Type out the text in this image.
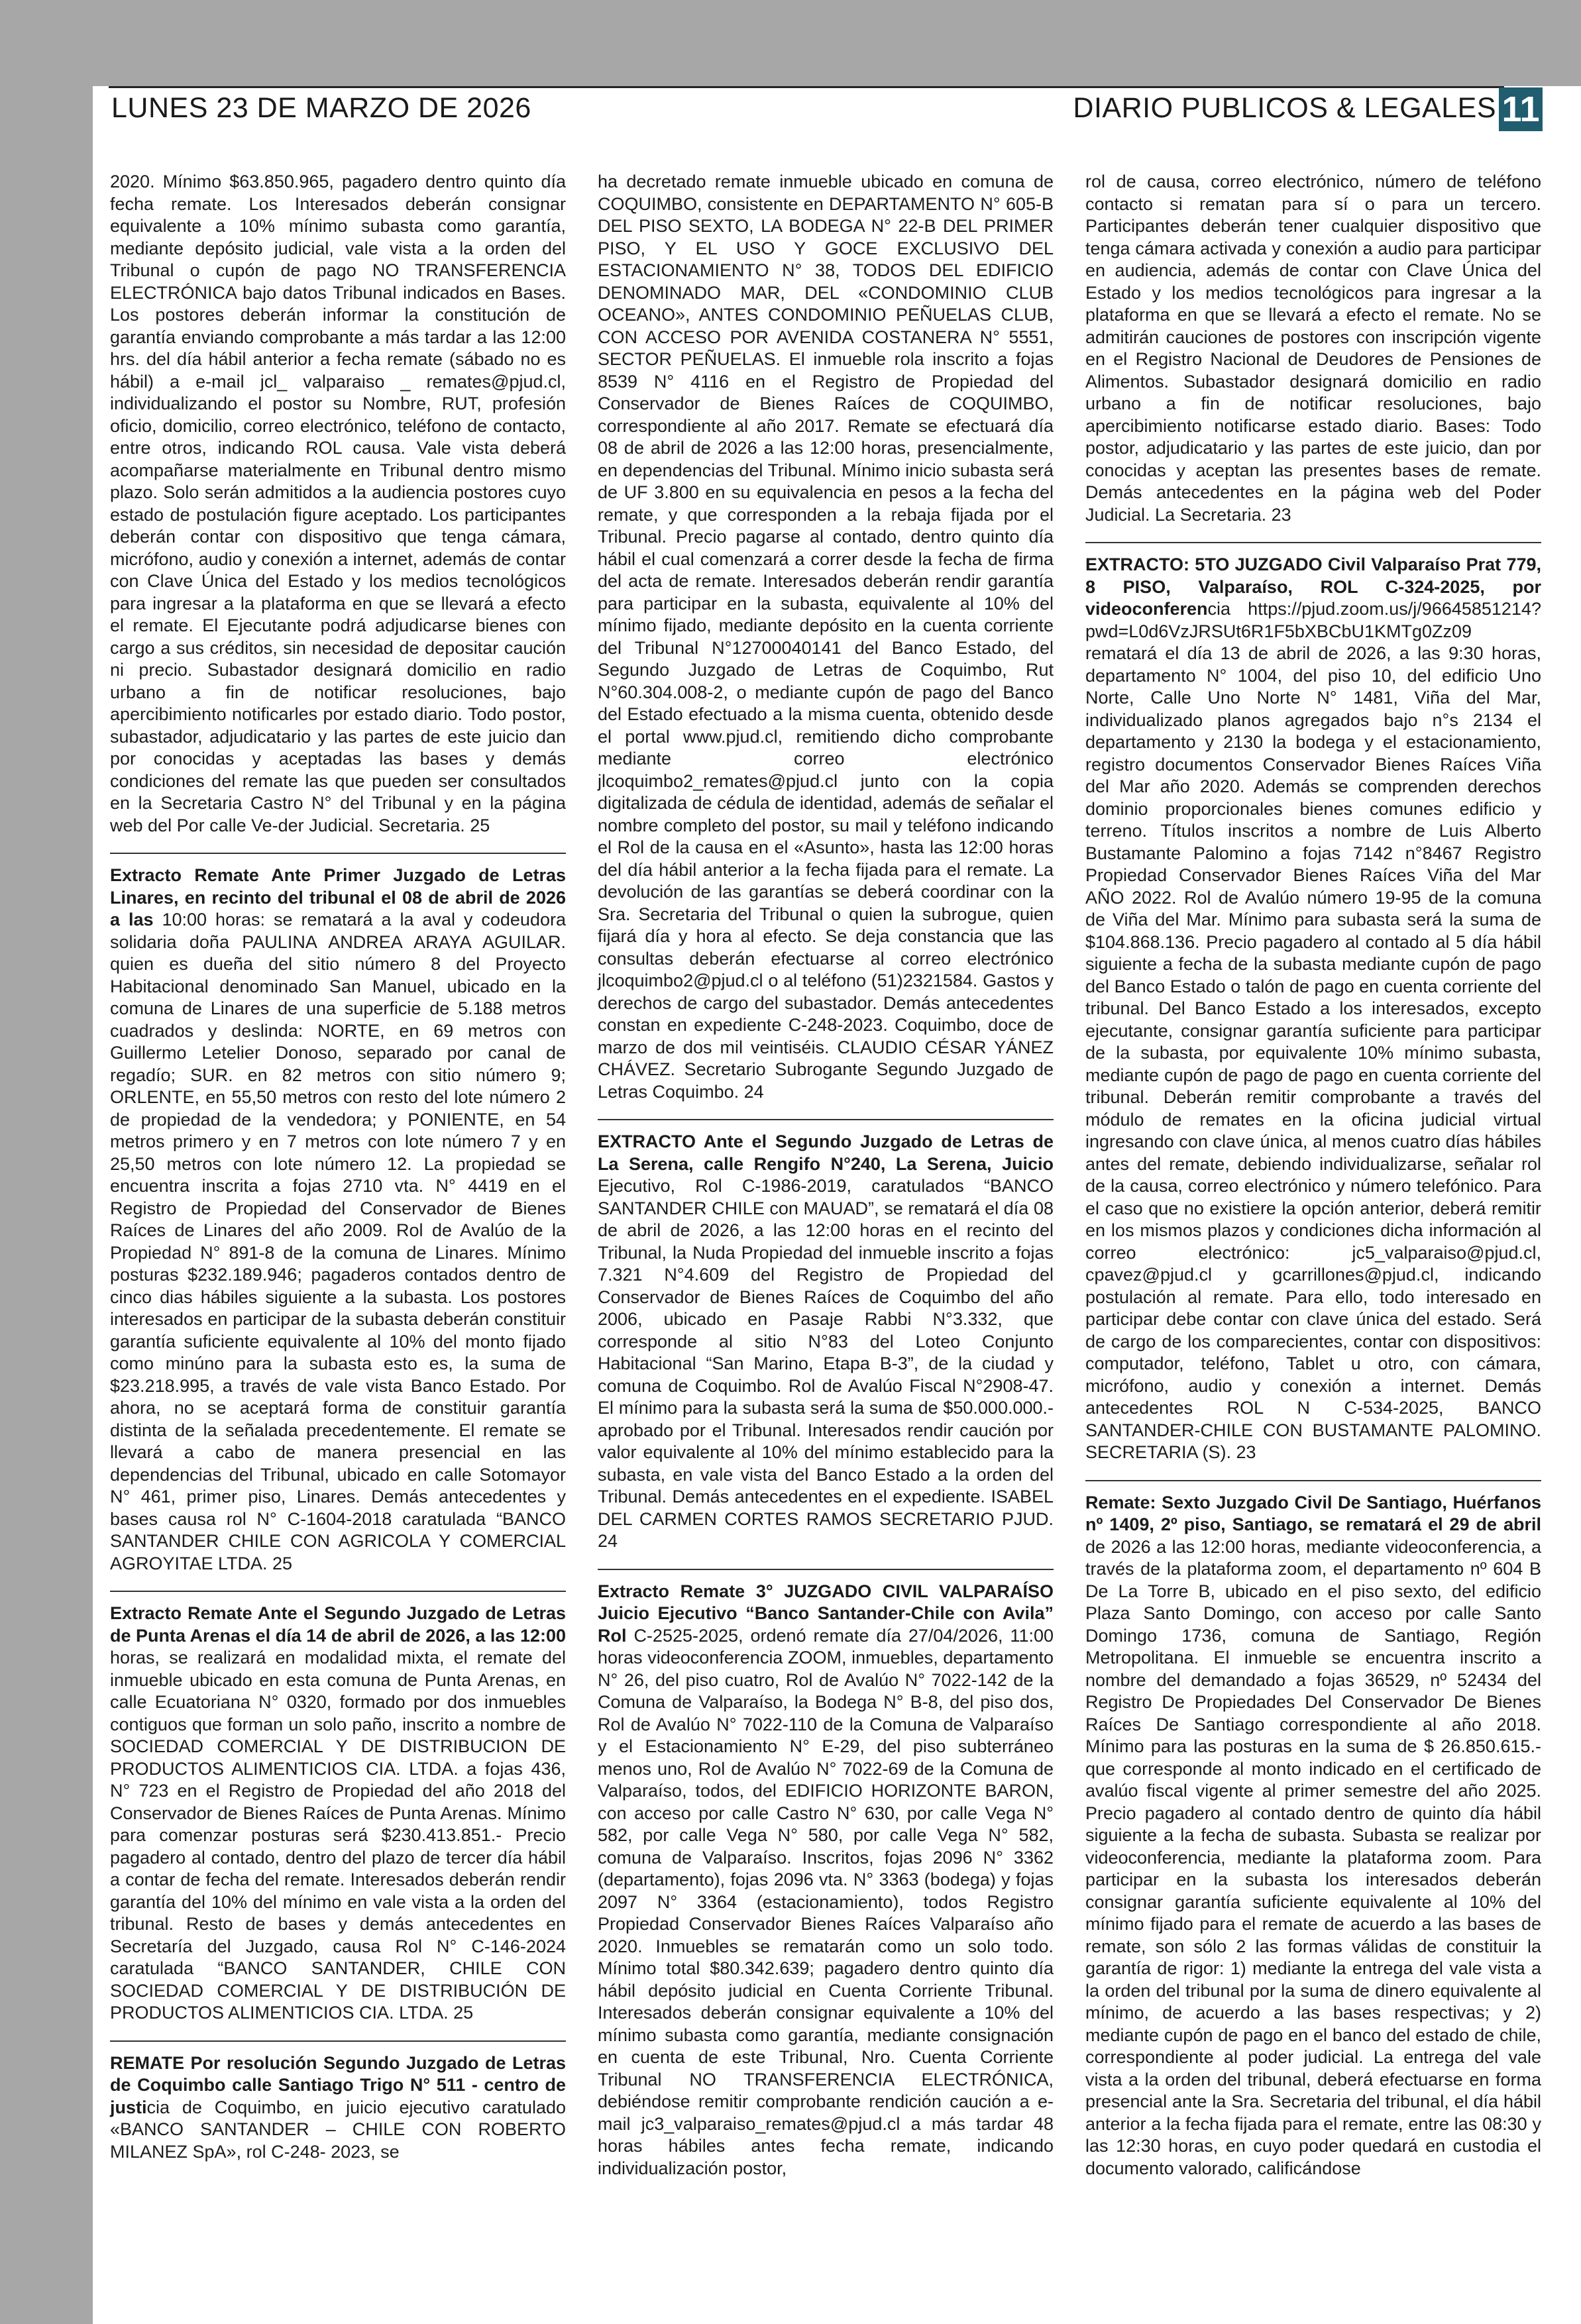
LUNES 23 DE MARZO DE 2026	DIARIO PUBLICOS & LEGALES 11

2020. Mínimo $63.850.965, pagadero dentro quinto día fecha remate. Los Interesados deberán consignar equivalente a 10% mínimo subasta como garantía, mediante depósito judicial, vale vista a la orden del Tribunal o cupón de pago NO TRANSFERENCIA ELECTRÓNICA bajo datos Tribunal indicados en Bases. Los postores deberán informar la constitución de garantía enviando comprobante a más tardar a las 12:00 hrs. del día hábil anterior a fecha remate (sábado no es hábil) a e-mail jcl_ valparaiso _ remates@pjud.cl, individualizando el postor su Nombre, RUT, profesión oficio, domicilio, correo electrónico, teléfono de contacto, entre otros, indicando ROL causa. Vale vista deberá acompañarse materialmente en Tribunal dentro mismo plazo. Solo serán admitidos a la audiencia postores cuyo estado de postulación figure aceptado. Los participantes deberán contar con dispositivo que tenga cámara, micrófono, audio y conexión a internet, además de contar con Clave Única del Estado y los medios tecnológicos para ingresar a la plataforma en que se llevará a efecto el remate. El Ejecutante podrá adjudicarse bienes con cargo a sus créditos, sin necesidad de depositar caución ni precio. Subastador designará domicilio en radio urbano a fin de notificar resoluciones, bajo apercibimiento notificarles por estado diario. Todo postor, subastador, adjudicatario y las partes de este juicio dan por conocidas y aceptadas las bases y demás condiciones del remate las que pueden ser consultados en la Secretaria Castro N° del Tribunal y en la página web del Por calle Ve-der Judicial. Secretaria. 25

Extracto Remate Ante Primer Juzgado de Letras Linares, en recinto del tribunal el 08 de abril de 2026 a las 10:00 horas: se rematará a la aval y codeudora solidaria doña PAULINA ANDREA ARAYA AGUILAR. quien es dueña del sitio número 8 del Proyecto Habitacional denominado San Manuel, ubicado en la comuna de Linares de una superficie de 5.188 metros cuadrados y deslinda: NORTE, en 69 metros con Guillermo Letelier Donoso, separado por canal de regadío; SUR. en 82 metros con sitio número 9; ORLENTE, en 55,50 metros con resto del lote número 2 de propiedad de la vendedora; y PONIENTE, en 54 metros primero y en 7 metros con lote número 7 y en 25,50 metros con lote número 12. La propiedad se encuentra inscrita a fojas 2710 vta. N° 4419 en el Registro de Propiedad del Conservador de Bienes Raíces de Linares del año 2009. Rol de Avalúo de la Propiedad N° 891-8 de la comuna de Linares. Mínimo posturas $232.189.946; pagaderos contados dentro de cinco dias hábiles siguiente a la subasta. Los postores interesados en participar de la subasta deberán constituir garantía suficiente equivalente al 10% del monto fijado como minúno para la subasta esto es, la suma de $23.218.995, a través de vale vista Banco Estado. Por ahora, no se aceptará forma de constituir garantía distinta de la señalada precedentemente. El remate se llevará a cabo de manera presencial en las dependencias del Tribunal, ubicado en calle Sotomayor N° 461, primer piso, Linares. Demás antecedentes y bases causa rol N° C-1604-2018 caratulada “BANCO SANTANDER CHILE CON AGRICOLA Y COMERCIAL AGROYITAE LTDA. 25

Extracto Remate Ante el Segundo Juzgado de Letras de Punta Arenas el día 14 de abril de 2026, a las 12:00 horas, se realizará en modalidad mixta, el remate del inmueble ubicado en esta comuna de Punta Arenas, en calle Ecuatoriana N° 0320, formado por dos inmuebles contiguos que forman un solo paño, inscrito a nombre de SOCIEDAD COMERCIAL Y DE DISTRIBUCION DE PRODUCTOS ALIMENTICIOS CIA. LTDA. a fojas 436, N° 723 en el Registro de Propiedad del año 2018 del Conservador de Bienes Raíces de Punta Arenas. Mínimo para comenzar posturas será $230.413.851.- Precio pagadero al contado, dentro del plazo de tercer día hábil a contar de fecha del remate. Interesados deberán rendir garantía del 10% del mínimo en vale vista a la orden del tribunal. Resto de bases y demás antecedentes en Secretaría del Juzgado, causa Rol N° C-146-2024 caratulada “BANCO SANTANDER, CHILE CON SOCIEDAD COMERCIAL Y DE DISTRIBUCIÓN DE PRODUCTOS ALIMENTICIOS CIA. LTDA. 25

REMATE Por resolución Segundo Juzgado de Letras de Coquimbo calle Santiago Trigo N° 511 - centro de justicia de Coquimbo, en juicio ejecutivo caratulado «BANCO SANTANDER – CHILE CON ROBERTO MILANEZ SpA», rol C-248- 2023, se

ha decretado remate inmueble ubicado en comuna de COQUIMBO, consistente en DEPARTAMENTO N° 605-B DEL PISO SEXTO, LA BODEGA N° 22-B DEL PRIMER PISO, Y EL USO Y GOCE EXCLUSIVO DEL ESTACIONAMIENTO N° 38, TODOS DEL EDIFICIO DENOMINADO MAR, DEL «CONDOMINIO CLUB OCEANO», ANTES CONDOMINIO PEÑUELAS CLUB, CON ACCESO POR AVENIDA COSTANERA N° 5551, SECTOR PEÑUELAS. El inmueble rola inscrito a fojas 8539 N° 4116 en el Registro de Propiedad del Conservador de Bienes Raíces de COQUIMBO, correspondiente al año 2017. Remate se efectuará día 08 de abril de 2026 a las 12:00 horas, presencialmente, en dependencias del Tribunal. Mínimo inicio subasta será de UF 3.800 en su equivalencia en pesos a la fecha del remate, y que corresponden a la rebaja fijada por el Tribunal. Precio pagarse al contado, dentro quinto día hábil el cual comenzará a correr desde la fecha de firma del acta de remate. Interesados deberán rendir garantía para participar en la subasta, equivalente al 10% del mínimo fijado, mediante depósito en la cuenta corriente del Tribunal N°12700040141 del Banco Estado, del Segundo Juzgado de Letras de Coquimbo, Rut N°60.304.008-2, o mediante cupón de pago del Banco del Estado efectuado a la misma cuenta, obtenido desde el portal www.pjud.cl, remitiendo dicho comprobante mediante correo electrónico jlcoquimbo2_remates@pjud.cl junto con la copia digitalizada de cédula de identidad, además de señalar el nombre completo del postor, su mail y teléfono indicando el Rol de la causa en el «Asunto», hasta las 12:00 horas del día hábil anterior a la fecha fijada para el remate. La devolución de las garantías se deberá coordinar con la Sra. Secretaria del Tribunal o quien la subrogue, quien fijará día y hora al efecto. Se deja constancia que las consultas deberán efectuarse al correo electrónico jlcoquimbo2@pjud.cl o al teléfono (51)2321584. Gastos y derechos de cargo del subastador. Demás antecedentes constan en expediente C-248-2023. Coquimbo, doce de marzo de dos mil veintiséis. CLAUDIO CÉSAR YÁNEZ CHÁVEZ. Secretario Subrogante Segundo Juzgado de Letras Coquimbo. 24

EXTRACTO Ante el Segundo Juzgado de Letras de La Serena, calle Rengifo N°240, La Serena, Juicio Ejecutivo, Rol C-1986-2019, caratulados “BANCO SANTANDER CHILE con MAUAD”, se rematará el día 08 de abril de 2026, a las 12:00 horas en el recinto del Tribunal, la Nuda Propiedad del inmueble inscrito a fojas 7.321 N°4.609 del Registro de Propiedad del Conservador de Bienes Raíces de Coquimbo del año 2006, ubicado en Pasaje Rabbi N°3.332, que corresponde al sitio N°83 del Loteo Conjunto Habitacional “San Marino, Etapa B-3”, de la ciudad y comuna de Coquimbo. Rol de Avalúo Fiscal N°2908-47. El mínimo para la subasta será la suma de $50.000.000.- aprobado por el Tribunal. Interesados rendir caución por valor equivalente al 10% del mínimo establecido para la subasta, en vale vista del Banco Estado a la orden del Tribunal. Demás antecedentes en el expediente. ISABEL DEL CARMEN CORTES RAMOS SECRETARIO PJUD. 24

Extracto Remate 3° JUZGADO CIVIL VALPARAÍSO Juicio Ejecutivo “Banco Santander-Chile con Avila” Rol C-2525-2025, ordenó remate día 27/04/2026, 11:00 horas videoconferencia ZOOM, inmuebles, departamento N° 26, del piso cuatro, Rol de Avalúo N° 7022-142 de la Comuna de Valparaíso, la Bodega N° B-8, del piso dos, Rol de Avalúo N° 7022-110 de la Comuna de Valparaíso y el Estacionamiento N° E-29, del piso subterráneo menos uno, Rol de Avalúo N° 7022-69 de la Comuna de Valparaíso, todos, del EDIFICIO HORIZONTE BARON, con acceso por calle Castro N° 630, por calle Vega N° 582, por calle Vega N° 580, por calle Vega N° 582, comuna de Valparaíso. Inscritos, fojas 2096 N° 3362 (departamento), fojas 2096 vta. N° 3363 (bodega) y fojas 2097 N° 3364 (estacionamiento), todos Registro Propiedad Conservador Bienes Raíces Valparaíso año 2020. Inmuebles se rematarán como un solo todo. Mínimo total $80.342.639; pagadero dentro quinto día hábil depósito judicial en Cuenta Corriente Tribunal. Interesados deberán consignar equivalente a 10% del mínimo subasta como garantía, mediante consignación en cuenta de este Tribunal, Nro. Cuenta Corriente Tribunal NO TRANSFERENCIA ELECTRÓNICA, debiéndose remitir comprobante rendición caución a e-mail jc3_valparaiso_remates@pjud.cl a más tardar 48 horas hábiles antes fecha remate, indicando individualización postor,

rol de causa, correo electrónico, número de teléfono contacto si rematan para sí o para un tercero. Participantes deberán tener cualquier dispositivo que tenga cámara activada y conexión a audio para participar en audiencia, además de contar con Clave Única del Estado y los medios tecnológicos para ingresar a la plataforma en que se llevará a efecto el remate. No se admitirán cauciones de postores con inscripción vigente en el Registro Nacional de Deudores de Pensiones de Alimentos. Subastador designará domicilio en radio urbano a fin de notificar resoluciones, bajo apercibimiento notificarse estado diario. Bases: Todo postor, adjudicatario y las partes de este juicio, dan por conocidas y aceptan las presentes bases de remate. Demás antecedentes en la página web del Poder Judicial. La Secretaria. 23

EXTRACTO: 5TO JUZGADO Civil Valparaíso Prat 779, 8 PISO, Valparaíso, ROL C-324-2025, por videoconferencia https://pjud.zoom.us/j/96645851214?pwd=L0d6VzJRSUt6R1F5bXBCbU1KMTg0Zz09 rematará el día 13 de abril de 2026, a las 9:30 horas, departamento N° 1004, del piso 10, del edificio Uno Norte, Calle Uno Norte N° 1481, Viña del Mar, individualizado planos agregados bajo n°s 2134 el departamento y 2130 la bodega y el estacionamiento, registro documentos Conservador Bienes Raíces Viña del Mar año 2020. Además se comprenden derechos dominio proporcionales bienes comunes edificio y terreno. Títulos inscritos a nombre de Luis Alberto Bustamante Palomino a fojas 7142 n°8467 Registro Propiedad Conservador Bienes Raíces Viña del Mar AÑO 2022. Rol de Avalúo número 19-95 de la comuna de Viña del Mar. Mínimo para subasta será la suma de $104.868.136. Precio pagadero al contado al 5 día hábil siguiente a fecha de la subasta mediante cupón de pago del Banco Estado o talón de pago en cuenta corriente del tribunal. Del Banco Estado a los interesados, excepto ejecutante, consignar garantía suficiente para participar de la subasta, por equivalente 10% mínimo subasta, mediante cupón de pago de pago en cuenta corriente del tribunal. Deberán remitir comprobante a través del módulo de remates en la oficina judicial virtual ingresando con clave única, al menos cuatro días hábiles antes del remate, debiendo individualizarse, señalar rol de la causa, correo electrónico y número telefónico. Para el caso que no existiere la opción anterior, deberá remitir en los mismos plazos y condiciones dicha información al correo electrónico: jc5_valparaiso@pjud.cl, cpavez@pjud.cl y gcarrillones@pjud.cl, indicando postulación al remate. Para ello, todo interesado en participar debe contar con clave única del estado. Será de cargo de los comparecientes, contar con dispositivos: computador, teléfono, Tablet u otro, con cámara, micrófono, audio y conexión a internet. Demás antecedentes ROL N C-534-2025, BANCO SANTANDER-CHILE CON BUSTAMANTE PALOMINO. SECRETARIA (S). 23

Remate: Sexto Juzgado Civil De Santiago, Huérfanos nº 1409, 2º piso, Santiago, se rematará el 29 de abril de 2026 a las 12:00 horas, mediante videoconferencia, a través de la plataforma zoom, el departamento nº 604 B De La Torre B, ubicado en el piso sexto, del edificio Plaza Santo Domingo, con acceso por calle Santo Domingo 1736, comuna de Santiago, Región Metropolitana. El inmueble se encuentra inscrito a nombre del demandado a fojas 36529, nº 52434 del Registro De Propiedades Del Conservador De Bienes Raíces De Santiago correspondiente al año 2018. Mínimo para las posturas en la suma de $ 26.850.615.- que corresponde al monto indicado en el certificado de avalúo fiscal vigente al primer semestre del año 2025. Precio pagadero al contado dentro de quinto día hábil siguiente a la fecha de subasta. Subasta se realizar por videoconferencia, mediante la plataforma zoom. Para participar en la subasta los interesados deberán consignar garantía suficiente equivalente al 10% del mínimo fijado para el remate de acuerdo a las bases de remate, son sólo 2 las formas válidas de constituir la garantía de rigor: 1) mediante la entrega del vale vista a la orden del tribunal por la suma de dinero equivalente al mínimo, de acuerdo a las bases respectivas; y 2) mediante cupón de pago en el banco del estado de chile, correspondiente al poder judicial. La entrega del vale vista a la orden del tribunal, deberá efectuarse en forma presencial ante la Sra. Secretaria del tribunal, el día hábil anterior a la fecha fijada para el remate, entre las 08:30 y las 12:30 horas, en cuyo poder quedará en custodia el documento valorado, calificándose
